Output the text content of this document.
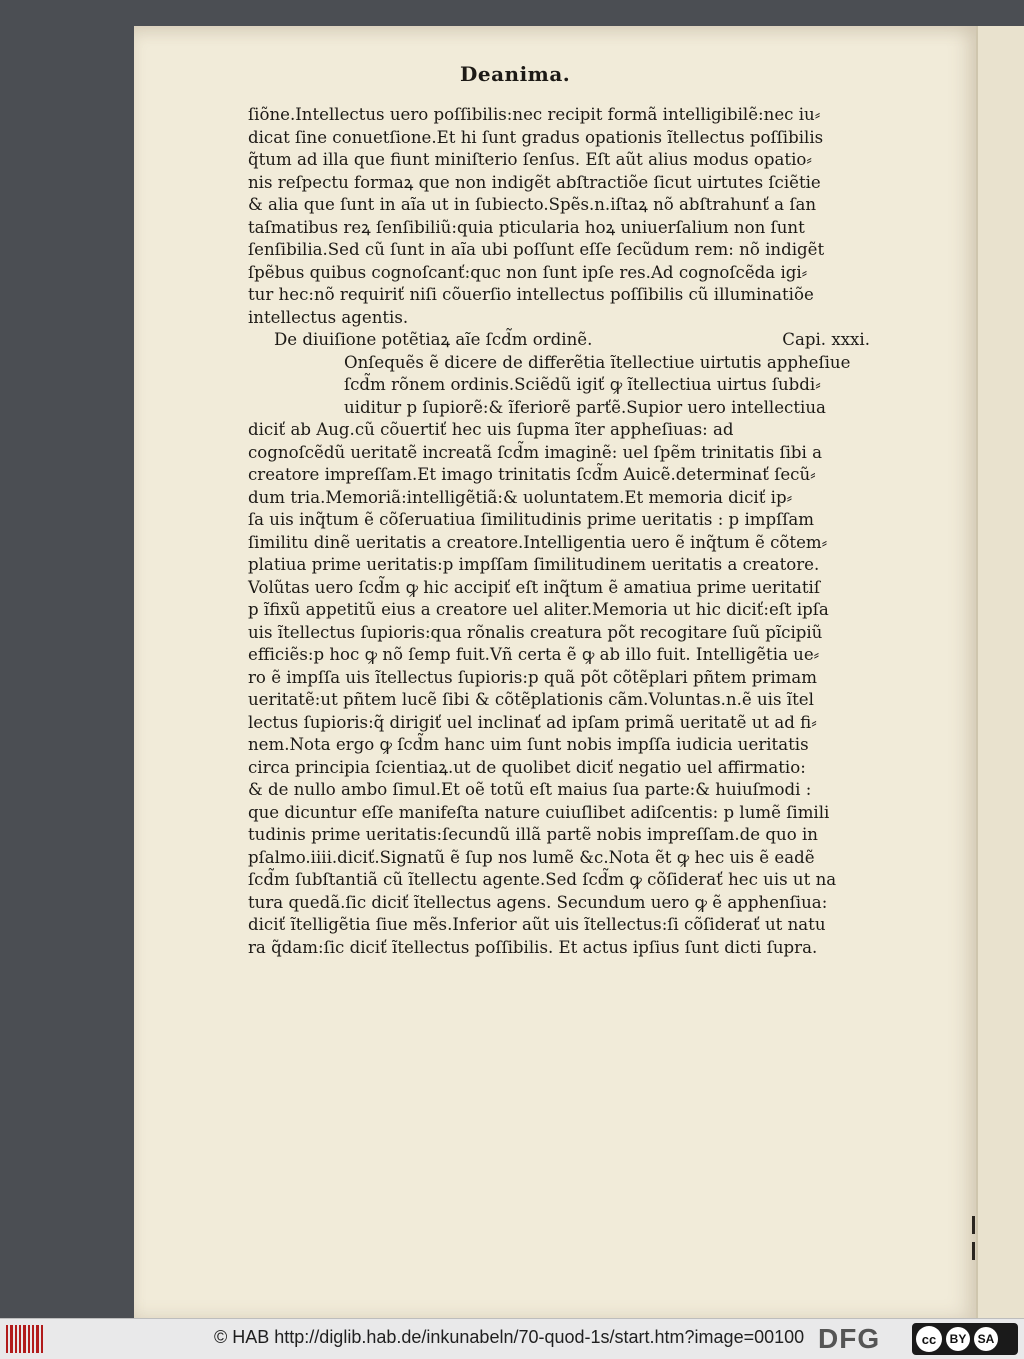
Deanima.
ſiõne.Intellectus uero poſſibilis:nec recipit formã intelligibilẽ:nec iu⸗
dicat ſine conuetſione.Et hi ſunt gradus opationis ĩtellectus poſſibilis
q̃tum ad illa que fiunt miniſterio ſenſus. Eſt aũt alius modus opatio⸗
nis reſpectu formaꝝ que non indigẽt abſtractiõe ſicut uirtutes ſciẽtie
& alia que ſunt in aĩa ut in ſubiecto.Spẽs.n.iſtaꝝ nõ abſtrahunť a ſan
taſmatibus reꝝ ſenſibiliũ:quia pticularia hoꝝ uniuerſalium non ſunt
ſenſibilia.Sed cũ ſunt in aĩa ubi poſſunt eſſe ſecũdum rem: nõ indigẽt
ſpẽbus quibus cognoſcanť:quc non ſunt ipſe res.Ad cognoſcẽda igi⸗
tur hec:nõ requiriť niſi cõuerſio intellectus poſſibilis cũ illuminatiõe
intellectus agentis.
De diuiſione potẽtiaꝝ aĩe ſcd̃m ordinẽ.	Capi. xxxi.
Onſequẽs ẽ dicere de differẽtia ĩtellectiue uirtutis appheſiue
ſcd̃m rõnem ordinis.Sciẽdũ igiť ꝙ ĩtellectiua uirtus ſubdi⸗
uiditur p ſupiorẽ:& ĩferiorẽ parťẽ.Supior uero intellectiua
diciť ab Aug.cũ cõuertiť hec uis ſupma ĩter appheſiuas: ad
cognoſcẽdũ ueritatẽ increatã ſcd̃m imaginẽ: uel ſpẽm trinitatis ſibi a
creatore impreſſam.Et imago trinitatis ſcd̃m Auicẽ.determinať ſecũ⸗
dum tria.Memoriã:intelligẽtiã:& uoluntatem.Et memoria diciť ip⸗
ſa uis inq̃tum ẽ cõſeruatiua ſimilitudinis prime ueritatis : p impſſam
ſimilitu dinẽ ueritatis a creatore.Intelligentia uero ẽ inq̃tum ẽ cõtem⸗
platiua prime ueritatis:p impſſam ſimilitudinem ueritatis a creatore.
Volũtas uero ſcd̃m ꝙ hic accipiť eſt inq̃tum ẽ amatiua prime ueritatiſ
p ĩfixũ appetitũ eius a creatore uel aliter.Memoria ut hic diciť:eſt ipſa
uis ĩtellectus ſupioris:qua rõnalis creatura põt recogitare ſuũ pĩcipiũ
efficiẽs:p hoc ꝙ nõ ſemp fuit.Vñ certa ẽ ꝙ ab illo fuit. Intelligẽtia ue⸗
ro ẽ impſſa uis ĩtellectus ſupioris:p quã põt cõtẽplari pñtem primam
ueritatẽ:ut pñtem lucẽ ſibi & cõtẽplationis cãm.Voluntas.n.ẽ uis ĩtel
lectus ſupioris:q̃ dirigiť uel inclinať ad ipſam primã ueritatẽ ut ad fi⸗
nem.Nota ergo ꝙ ſcd̃m hanc uim ſunt nobis impſſa iudicia ueritatis
circa principia ſcientiaꝝ.ut de quolibet diciť negatio uel affirmatio:
& de nullo ambo ſimul.Et oẽ totũ eſt maius ſua parte:& huiuſmodi :
que dicuntur eſſe manifeſta nature cuiuſlibet adiſcentis: p lumẽ ſimili
tudinis prime ueritatis:ſecundũ illã partẽ nobis impreſſam.de quo in
pſalmo.iiii.diciť.Signatũ ẽ ſup nos lumẽ &c.Nota ẽt ꝙ hec uis ẽ eadẽ
ſcd̃m ſubſtantiã cũ ĩtellectu agente.Sed ſcd̃m ꝙ cõſiderať hec uis ut na
tura quedã.ſic diciť ĩtellectus agens. Secundum uero ꝙ ẽ apphenſiua:
diciť ĩtelligẽtia ſiue mẽs.Inferior aũt uis ĩtellectus:ſi cõſiderať ut natu
ra q̃dam:ſic diciť ĩtellectus poſſibilis. Et actus ipſius ſunt dicti ſupra.
© HAB http://diglib.hab.de/inkunabeln/70-quod-1s/start.htm?image=00100 DFG	cc	BY SA
